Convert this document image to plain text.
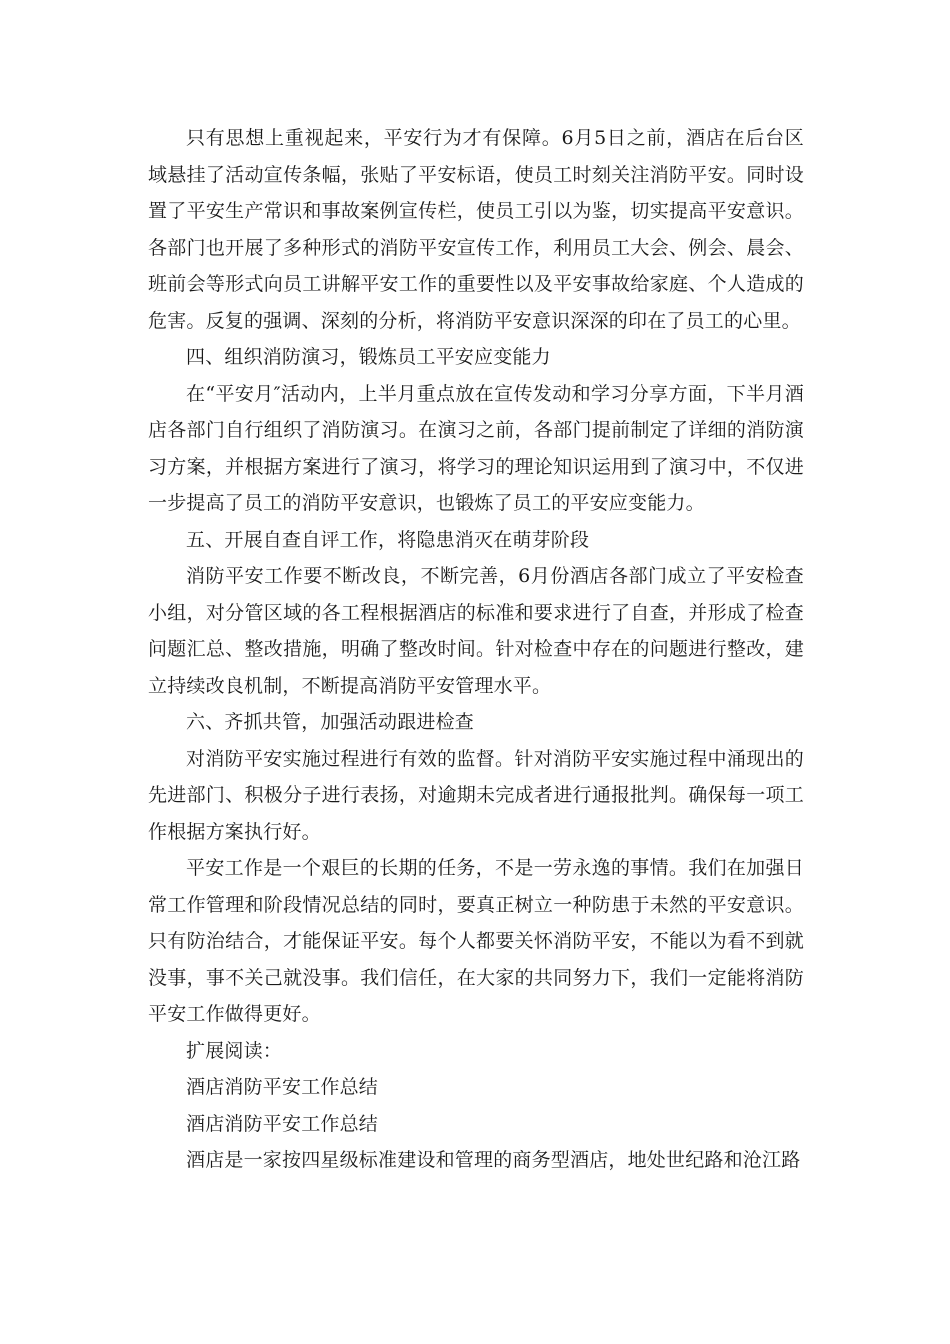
只有思想上重视起来，平安行为才有保障。6月5日之前，酒店在后台区域悬挂了活动宣传条幅，张贴了平安标语，使员工时刻关注消防平安。同时设置了平安生产常识和事故案例宣传栏，使员工引以为鉴，切实提高平安意识。各部门也开展了多种形式的消防平安宣传工作，利用员工大会、例会、晨会、班前会等形式向员工讲解平安工作的重要性以及平安事故给家庭、个人造成的危害。反复的强调、深刻的分析，将消防平安意识深深的印在了员工的心里。

四、组织消防演习，锻炼员工平安应变能力

在“平安月″活动内，上半月重点放在宣传发动和学习分享方面，下半月酒店各部门自行组织了消防演习。在演习之前，各部门提前制定了详细的消防演习方案，并根据方案进行了演习，将学习的理论知识运用到了演习中，不仅进一步提高了员工的消防平安意识，也锻炼了员工的平安应变能力。

五、开展自查自评工作，将隐患消灭在萌芽阶段

消防平安工作要不断改良，不断完善，6月份酒店各部门成立了平安检查小组，对分管区域的各工程根据酒店的标准和要求进行了自查，并形成了检查问题汇总、整改措施，明确了整改时间。针对检查中存在的问题进行整改，建立持续改良机制，不断提高消防平安管理水平。

六、齐抓共管，加强活动跟进检查

对消防平安实施过程进行有效的监督。针对消防平安实施过程中涌现出的先进部门、积极分子进行表扬，对逾期未完成者进行通报批判。确保每一项工作根据方案执行好。

平安工作是一个艰巨的长期的任务，不是一劳永逸的事情。我们在加强日常工作管理和阶段情况总结的同时，要真正树立一种防患于未然的平安意识。只有防治结合，才能保证平安。每个人都要关怀消防平安，不能以为看不到就没事，事不关己就没事。我们信任，在大家的共同努力下，我们一定能将消防平安工作做得更好。

扩展阅读：

酒店消防平安工作总结

酒店消防平安工作总结

酒店是一家按四星级标准建设和管理的商务型酒店，地处世纪路和沧江路
